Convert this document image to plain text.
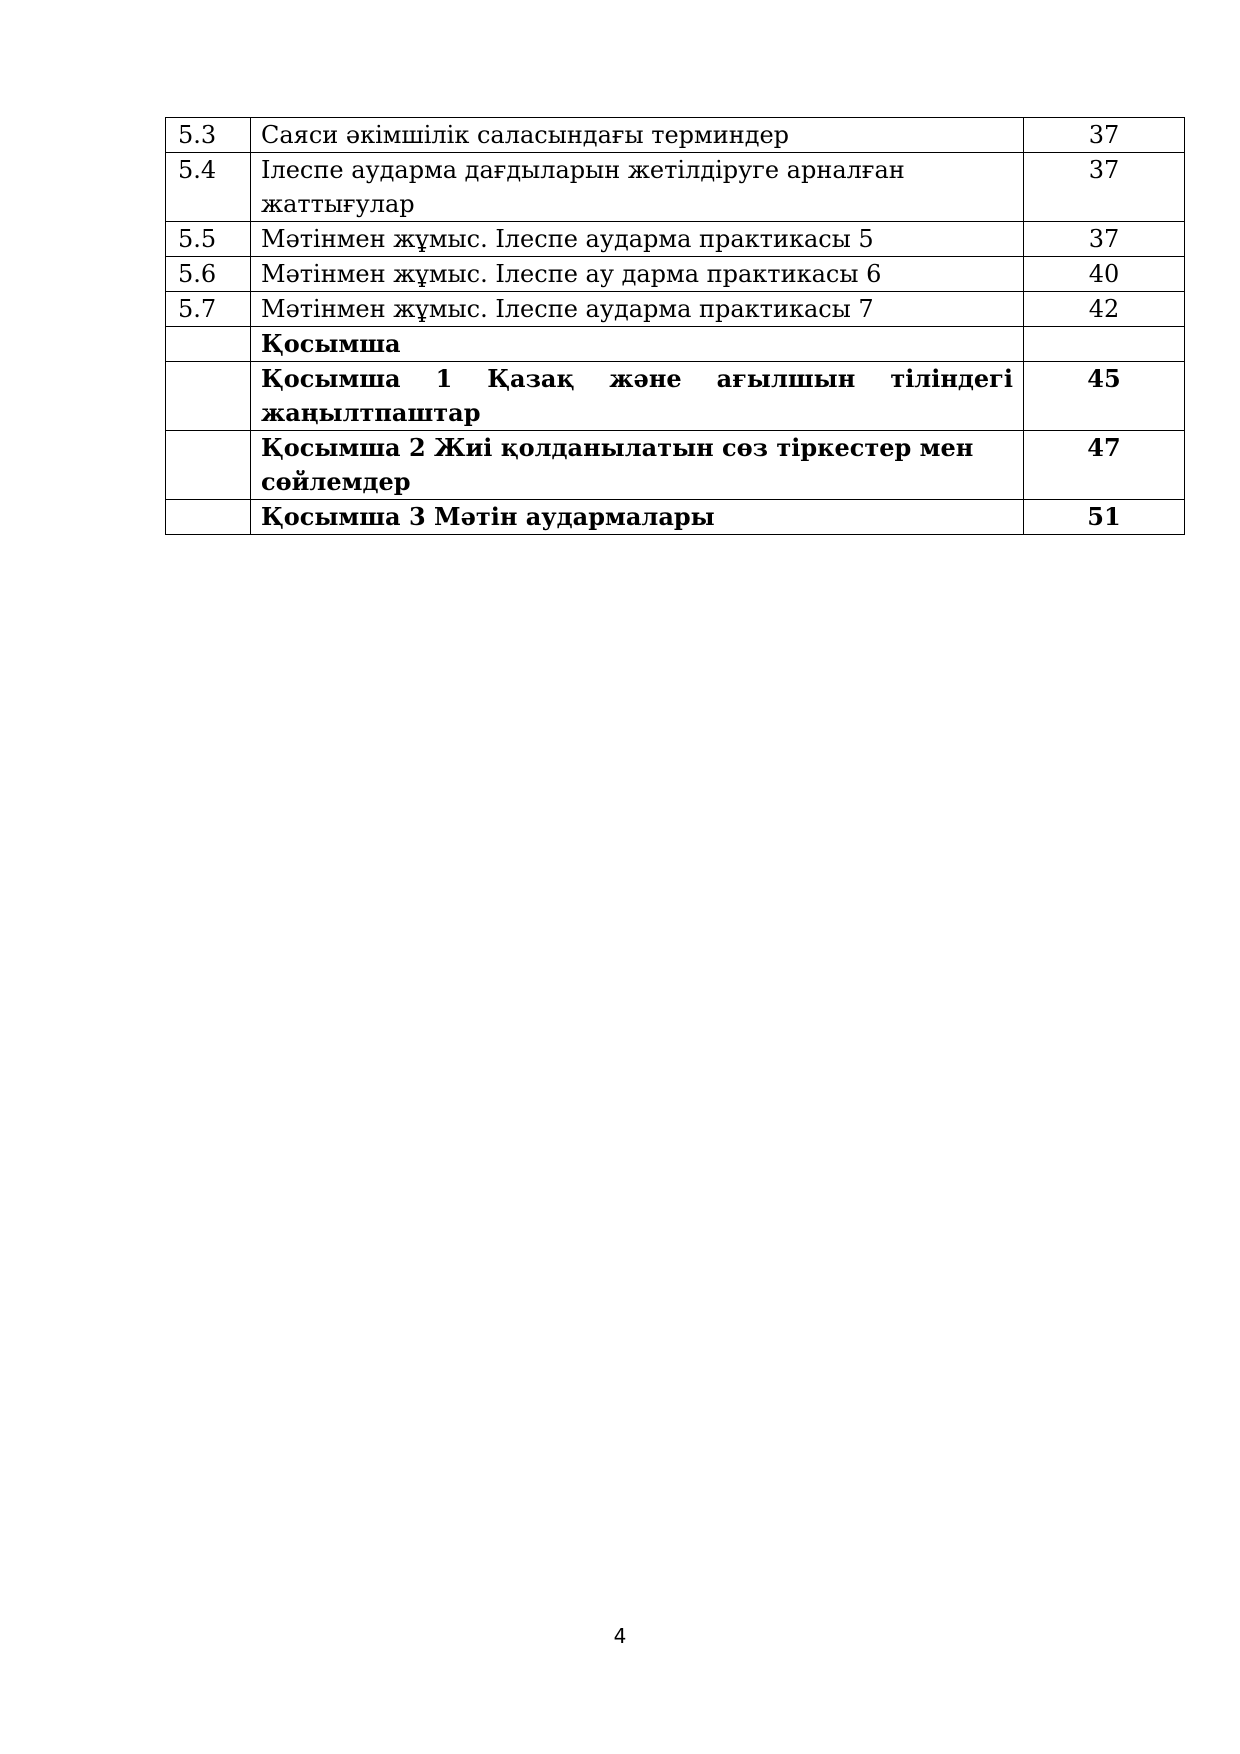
5.3	Саяси әкімшілік саласындағы терминдер	37
5.4	Ілеспе аудармa дағдыларын жетілдіруге арналған жаттығулар	37
5.5	Мәтінмен жұмыс. Ілеспе аудармa практикасы 5	37
5.6	Мәтінмен жұмыс. Ілеспе ау дарма практикасы 6	40
5.7	Мәтінмен жұмыс. Ілеспе аудармa практикасы 7	42
	Қосымша	
	Қосымша 1 Қазақ және ағылшын тіліндегі жаңылтпаштар	45
	Қосымша 2 Жиі қолданылатын сөз тіркестер мен сөйлемдер	47
	Қосымша 3 Мәтін аудармалары	51
4
